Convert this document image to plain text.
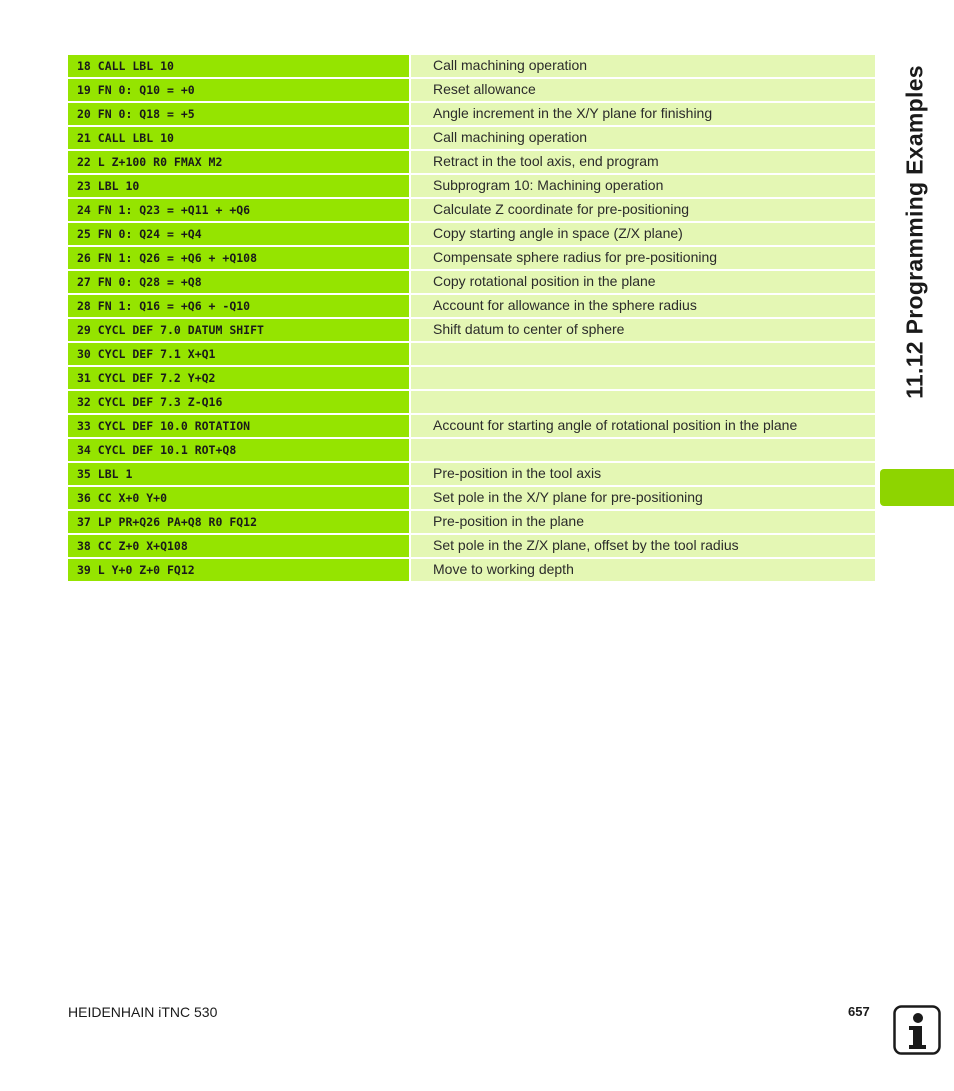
18 CALL LBL 10	Call machining operation
19 FN 0: Q10 = +0	Reset allowance
20 FN 0: Q18 = +5	Angle increment in the X/Y plane for finishing
21 CALL LBL 10	Call machining operation
22 L Z+100 R0 FMAX M2	Retract in the tool axis, end program
23 LBL 10	Subprogram 10: Machining operation
24 FN 1: Q23 = +Q11 + +Q6	Calculate Z coordinate for pre-positioning
25 FN 0: Q24 = +Q4	Copy starting angle in space (Z/X plane)
26 FN 1: Q26 = +Q6 + +Q108	Compensate sphere radius for pre-positioning
27 FN 0: Q28 = +Q8	Copy rotational position in the plane
28 FN 1: Q16 = +Q6 + -Q10	Account for allowance in the sphere radius
29 CYCL DEF 7.0 DATUM SHIFT	Shift datum to center of sphere
30 CYCL DEF 7.1 X+Q1
31 CYCL DEF 7.2 Y+Q2
32 CYCL DEF 7.3 Z-Q16
33 CYCL DEF 10.0 ROTATION	Account for starting angle of rotational position in the plane
34 CYCL DEF 10.1 ROT+Q8
35 LBL 1	Pre-position in the tool axis
36 CC X+0 Y+0	Set pole in the X/Y plane for pre-positioning
37 LP PR+Q26 PA+Q8 R0 FQ12	Pre-position in the plane
38 CC Z+0 X+Q108	Set pole in the Z/X plane, offset by the tool radius
39 L Y+0 Z+0 FQ12	Move to working depth
11.12 Programming Examples
HEIDENHAIN iTNC 530	657
